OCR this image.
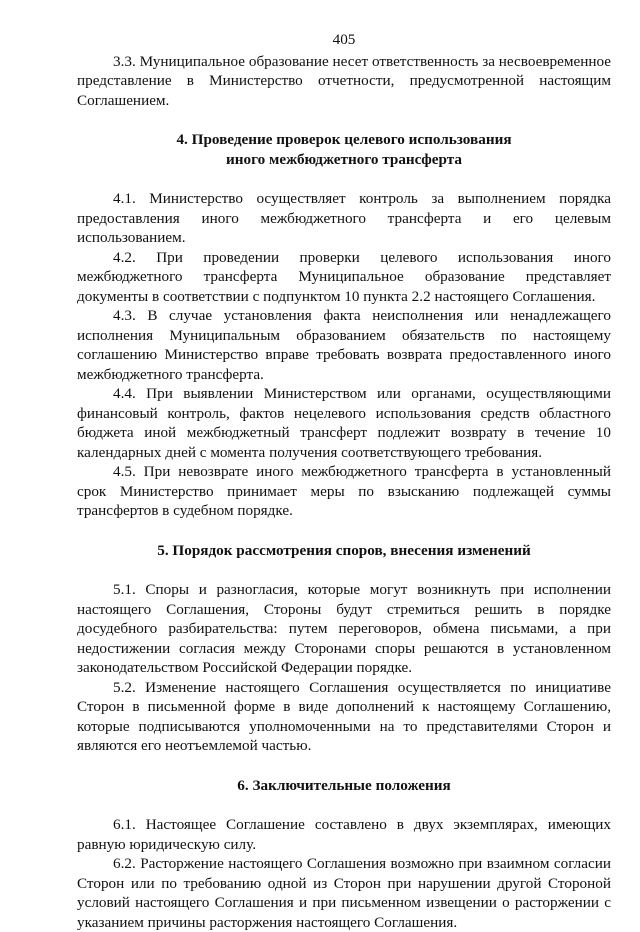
405

3.3. Муниципальное образование несет ответственность за несвоевременное представление в Министерство отчетности, предусмотренной настоящим Соглашением.

4. Проведение проверок целевого использования
иного межбюджетного трансферта

4.1. Министерство осуществляет контроль за выполнением порядка предоставления иного межбюджетного трансферта и его целевым использованием.

4.2. При проведении проверки целевого использования иного межбюджетного трансферта Муниципальное образование представляет документы в соответствии с подпунктом 10 пункта 2.2 настоящего Соглашения.

4.3. В случае установления факта неисполнения или ненадлежащего исполнения Муниципальным образованием обязательств по настоящему соглашению Министерство вправе требовать возврата предоставленного иного межбюджетного трансферта.

4.4. При выявлении Министерством или органами, осуществляющими финансовый контроль, фактов нецелевого использования средств областного бюджета иной межбюджетный трансферт подлежит возврату в течение 10 календарных дней с момента получения соответствующего требования.

4.5. При невозврате иного межбюджетного трансферта в установленный срок Министерство принимает меры по взысканию подлежащей суммы трансфертов в судебном порядке.

5. Порядок рассмотрения споров, внесения изменений

5.1. Споры и разногласия, которые могут возникнуть при исполнении настоящего Соглашения, Стороны будут стремиться решить в порядке досудебного разбирательства: путем переговоров, обмена письмами, а при недостижении согласия между Сторонами споры решаются в установленном законодательством Российской Федерации порядке.

5.2. Изменение настоящего Соглашения осуществляется по инициативе Сторон в письменной форме в виде дополнений к настоящему Соглашению, которые подписываются уполномоченными на то представителями Сторон и являются его неотъемлемой частью.

6. Заключительные положения

6.1. Настоящее Соглашение составлено в двух экземплярах, имеющих равную юридическую силу.

6.2. Расторжение настоящего Соглашения возможно при взаимном согласии Сторон или по требованию одной из Сторон при нарушении другой Стороной условий настоящего Соглашения и при письменном извещении о расторжении с указанием причины расторжения настоящего Соглашения.
